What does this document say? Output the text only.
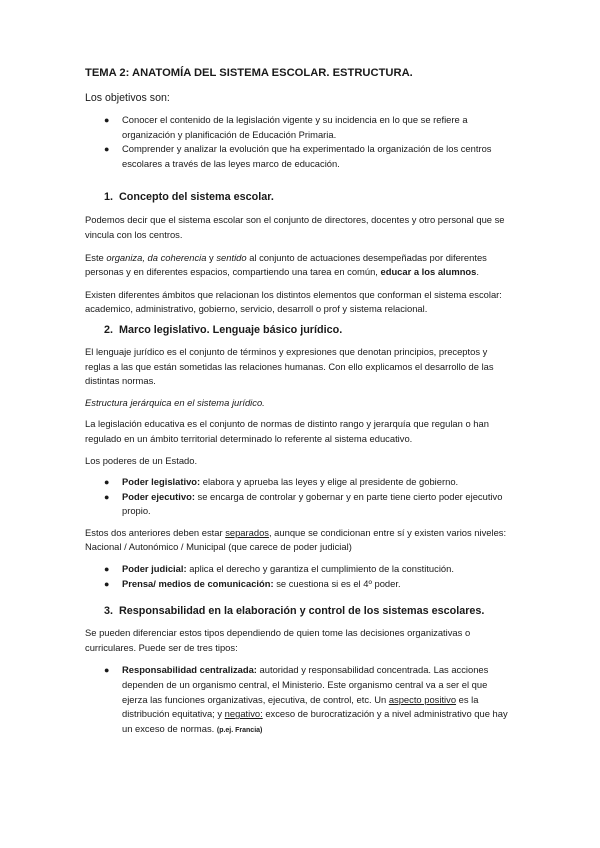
TEMA 2: ANATOMÍA DEL SISTEMA ESCOLAR. ESTRUCTURA.

Los objetivos son:

● Conocer el contenido de la legislación vigente y su incidencia en lo que se refiere a organización y planificación de Educación Primaria.
● Comprender y analizar la evolución que ha experimentado la organización de los centros escolares a través de las leyes marco de educación.
1. Concepto del sistema escolar.

Podemos decir que el sistema escolar son el conjunto de directores, docentes y otro personal que se vincula con los centros.

Este organiza, da coherencia y sentido al conjunto de actuaciones desempeñadas por diferentes personas y en diferentes espacios, compartiendo una tarea en común, educar a los alumnos.

Existen diferentes ámbitos que relacionan los distintos elementos que conforman el sistema escolar: academico, administrativo, gobierno, servicio, desarroll o prof y sistema relacional.

2. Marco legislativo. Lenguaje básico jurídico.

El lenguaje jurídico es el conjunto de términos y expresiones que denotan principios, preceptos y reglas a las que están sometidas las relaciones humanas. Con ello explicamos el desarrollo de las distintas normas.

Estructura jerárquica en el sistema jurídico.

La legislación educativa es el conjunto de normas de distinto rango y jerarquía que regulan o han regulado en un ámbito territorial determinado lo referente al sistema educativo.

Los poderes de un Estado.

● Poder legislativo: elabora y aprueba las leyes y elige al presidente de gobierno.
● Poder ejecutivo: se encarga de controlar y gobernar y en parte tiene cierto poder ejecutivo propio.

Estos dos anteriores deben estar separados, aunque se condicionan entre sí y existen varios niveles: Nacional / Autonómico / Municipal (que carece de poder judicial)

● Poder judicial: aplica el derecho y garantiza el cumplimiento de la constitución.
● Prensa/ medios de comunicación: se cuestiona si es el 4º poder.
3. Responsabilidad en la elaboración y control de los sistemas escolares.

Se pueden diferenciar estos tipos dependiendo de quien tome las decisiones organizativas o curriculares. Puede ser de tres tipos:

● Responsabilidad centralizada: autoridad y responsabilidad concentrada. Las acciones dependen de un organismo central, el Ministerio. Este organismo central va a ser el que ejerza las funciones organizativas, ejecutiva, de control, etc. Un aspecto positivo es la distribución equitativa; y negativo: exceso de burocratización y a nivel administrativo que hay un exceso de normas. (p.ej. Francia)
